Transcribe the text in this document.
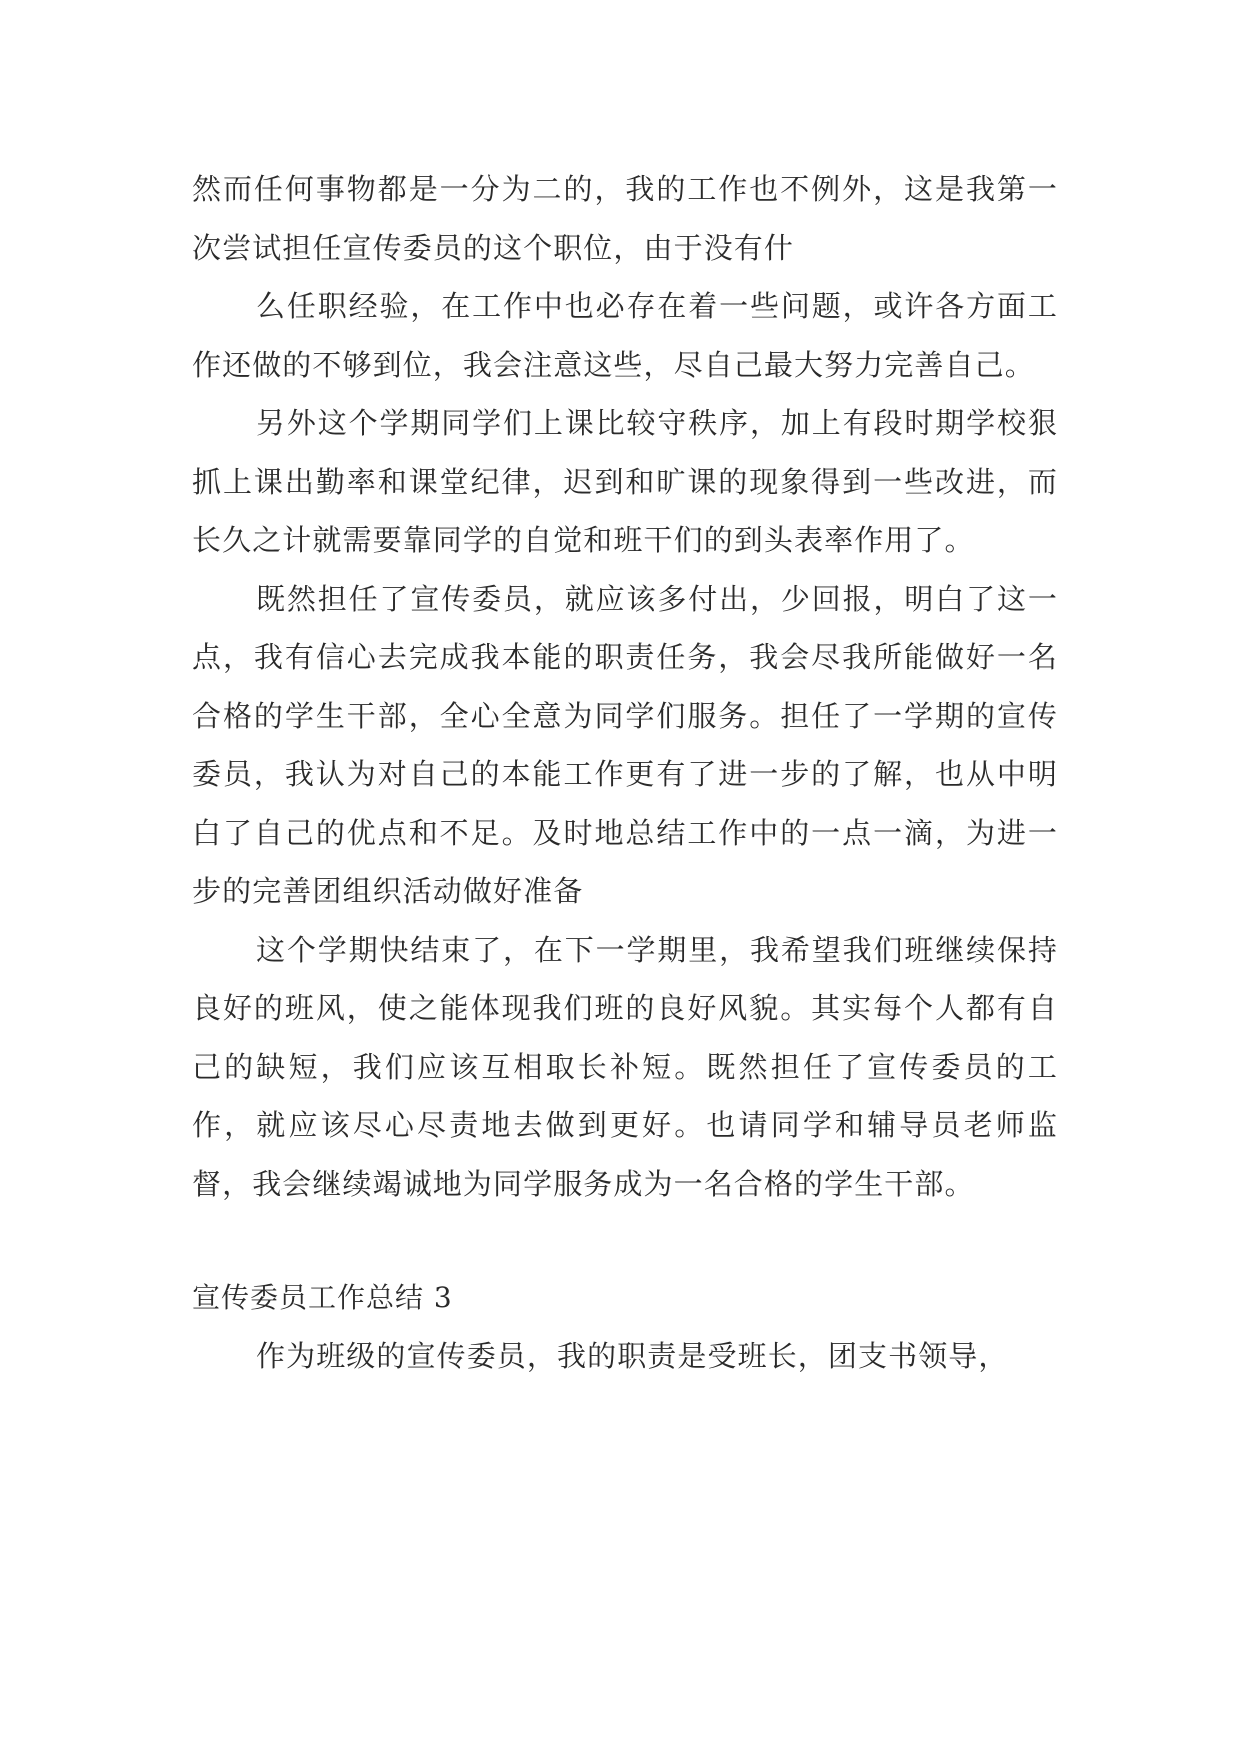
然而任何事物都是一分为二的，我的工作也不例外，这是我第一次尝试担任宣传委员的这个职位，由于没有什

么任职经验，在工作中也必存在着一些问题，或许各方面工作还做的不够到位，我会注意这些，尽自己最大努力完善自己。

另外这个学期同学们上课比较守秩序，加上有段时期学校狠抓上课出勤率和课堂纪律，迟到和旷课的现象得到一些改进，而长久之计就需要靠同学的自觉和班干们的到头表率作用了。

既然担任了宣传委员，就应该多付出，少回报，明白了这一点，我有信心去完成我本能的职责任务，我会尽我所能做好一名合格的学生干部，全心全意为同学们服务。担任了一学期的宣传委员，我认为对自己的本能工作更有了进一步的了解，也从中明白了自己的优点和不足。及时地总结工作中的一点一滴，为进一步的完善团组织活动做好准备

这个学期快结束了，在下一学期里，我希望我们班继续保持良好的班风，使之能体现我们班的良好风貌。其实每个人都有自己的缺短，我们应该互相取长补短。既然担任了宣传委员的工作，就应该尽心尽责地去做到更好。也请同学和辅导员老师监督，我会继续竭诚地为同学服务成为一名合格的学生干部。

宣传委员工作总结 3

作为班级的宣传委员，我的职责是受班长，团支书领导，
